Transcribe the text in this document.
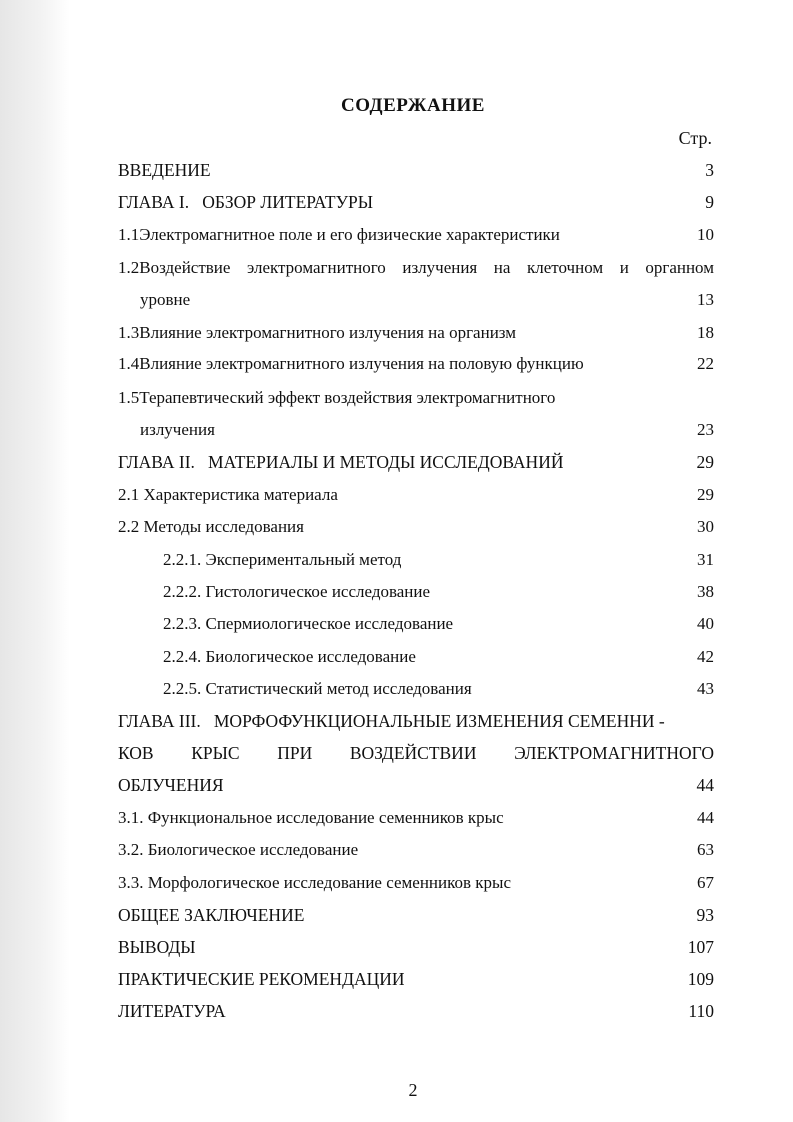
СОДЕРЖАНИЕ
Стр.
ВВЕДЕНИЕ	3
ГЛАВА I.   ОБЗОР ЛИТЕРАТУРЫ	9
1.1Электромагнитное поле и его физические характеристики	10
1.2Воздействие электромагнитного излучения на клеточном и органном
уровне	13
1.3Влияние электромагнитного излучения на организм	18
1.4Влияние электромагнитного излучения на половую функцию	22
1.5Терапевтический эффект воздействия электромагнитного
излучения	23
ГЛАВА II.   МАТЕРИАЛЫ И МЕТОДЫ ИССЛЕДОВАНИЙ	29
2.1 Характеристика материала	29
2.2 Методы исследования	30
2.2.1. Экспериментальный метод	31
2.2.2. Гистологическое исследование	38
2.2.3. Спермиологическое исследование	40
2.2.4. Биологическое исследование	42
2.2.5. Статистический метод исследования	43
ГЛАВА III.   МОРФОФУНКЦИОНАЛЬНЫЕ ИЗМЕНЕНИЯ СЕМЕННИ -
КОВ КРЫС ПРИ ВОЗДЕЙСТВИИ ЭЛЕКТРОМАГНИТНОГО
ОБЛУЧЕНИЯ	44
3.1. Функциональное исследование семенников крыс	44
3.2. Биологическое исследование	63
3.3. Морфологическое исследование семенников крыс	67
ОБЩЕЕ ЗАКЛЮЧЕНИЕ	93
ВЫВОДЫ	107
ПРАКТИЧЕСКИЕ РЕКОМЕНДАЦИИ	109
ЛИТЕРАТУРА	110
2
